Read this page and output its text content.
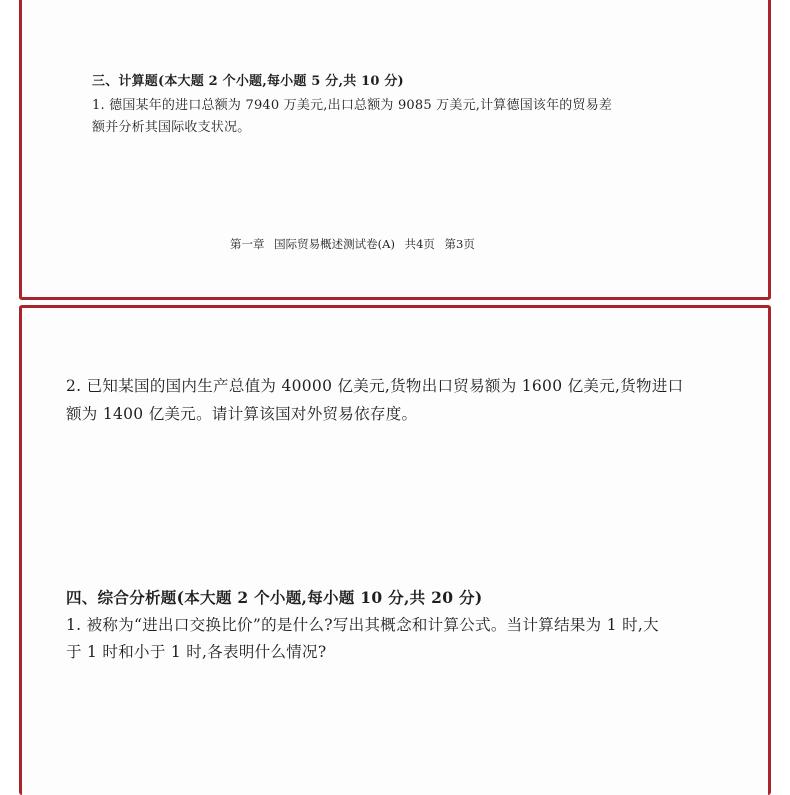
三、计算题(本大题 2 个小题,每小题 5 分,共 10 分)

1. 德国某年的进口总额为 7940 万美元,出口总额为 9085 万美元,计算德国该年的贸易差

额并分析其国际收支状况。

第一章 国际贸易概述测试卷(A) 共4页 第3页

2. 已知某国的国内生产总值为 40000 亿美元,货物出口贸易额为 1600 亿美元,货物进口

额为 1400 亿美元。请计算该国对外贸易依存度。

四、综合分析题(本大题 2 个小题,每小题 10 分,共 20 分)

1. 被称为“进出口交换比价”的是什么?写出其概念和计算公式。当计算结果为 1 时,大

于 1 时和小于 1 时,各表明什么情况?
